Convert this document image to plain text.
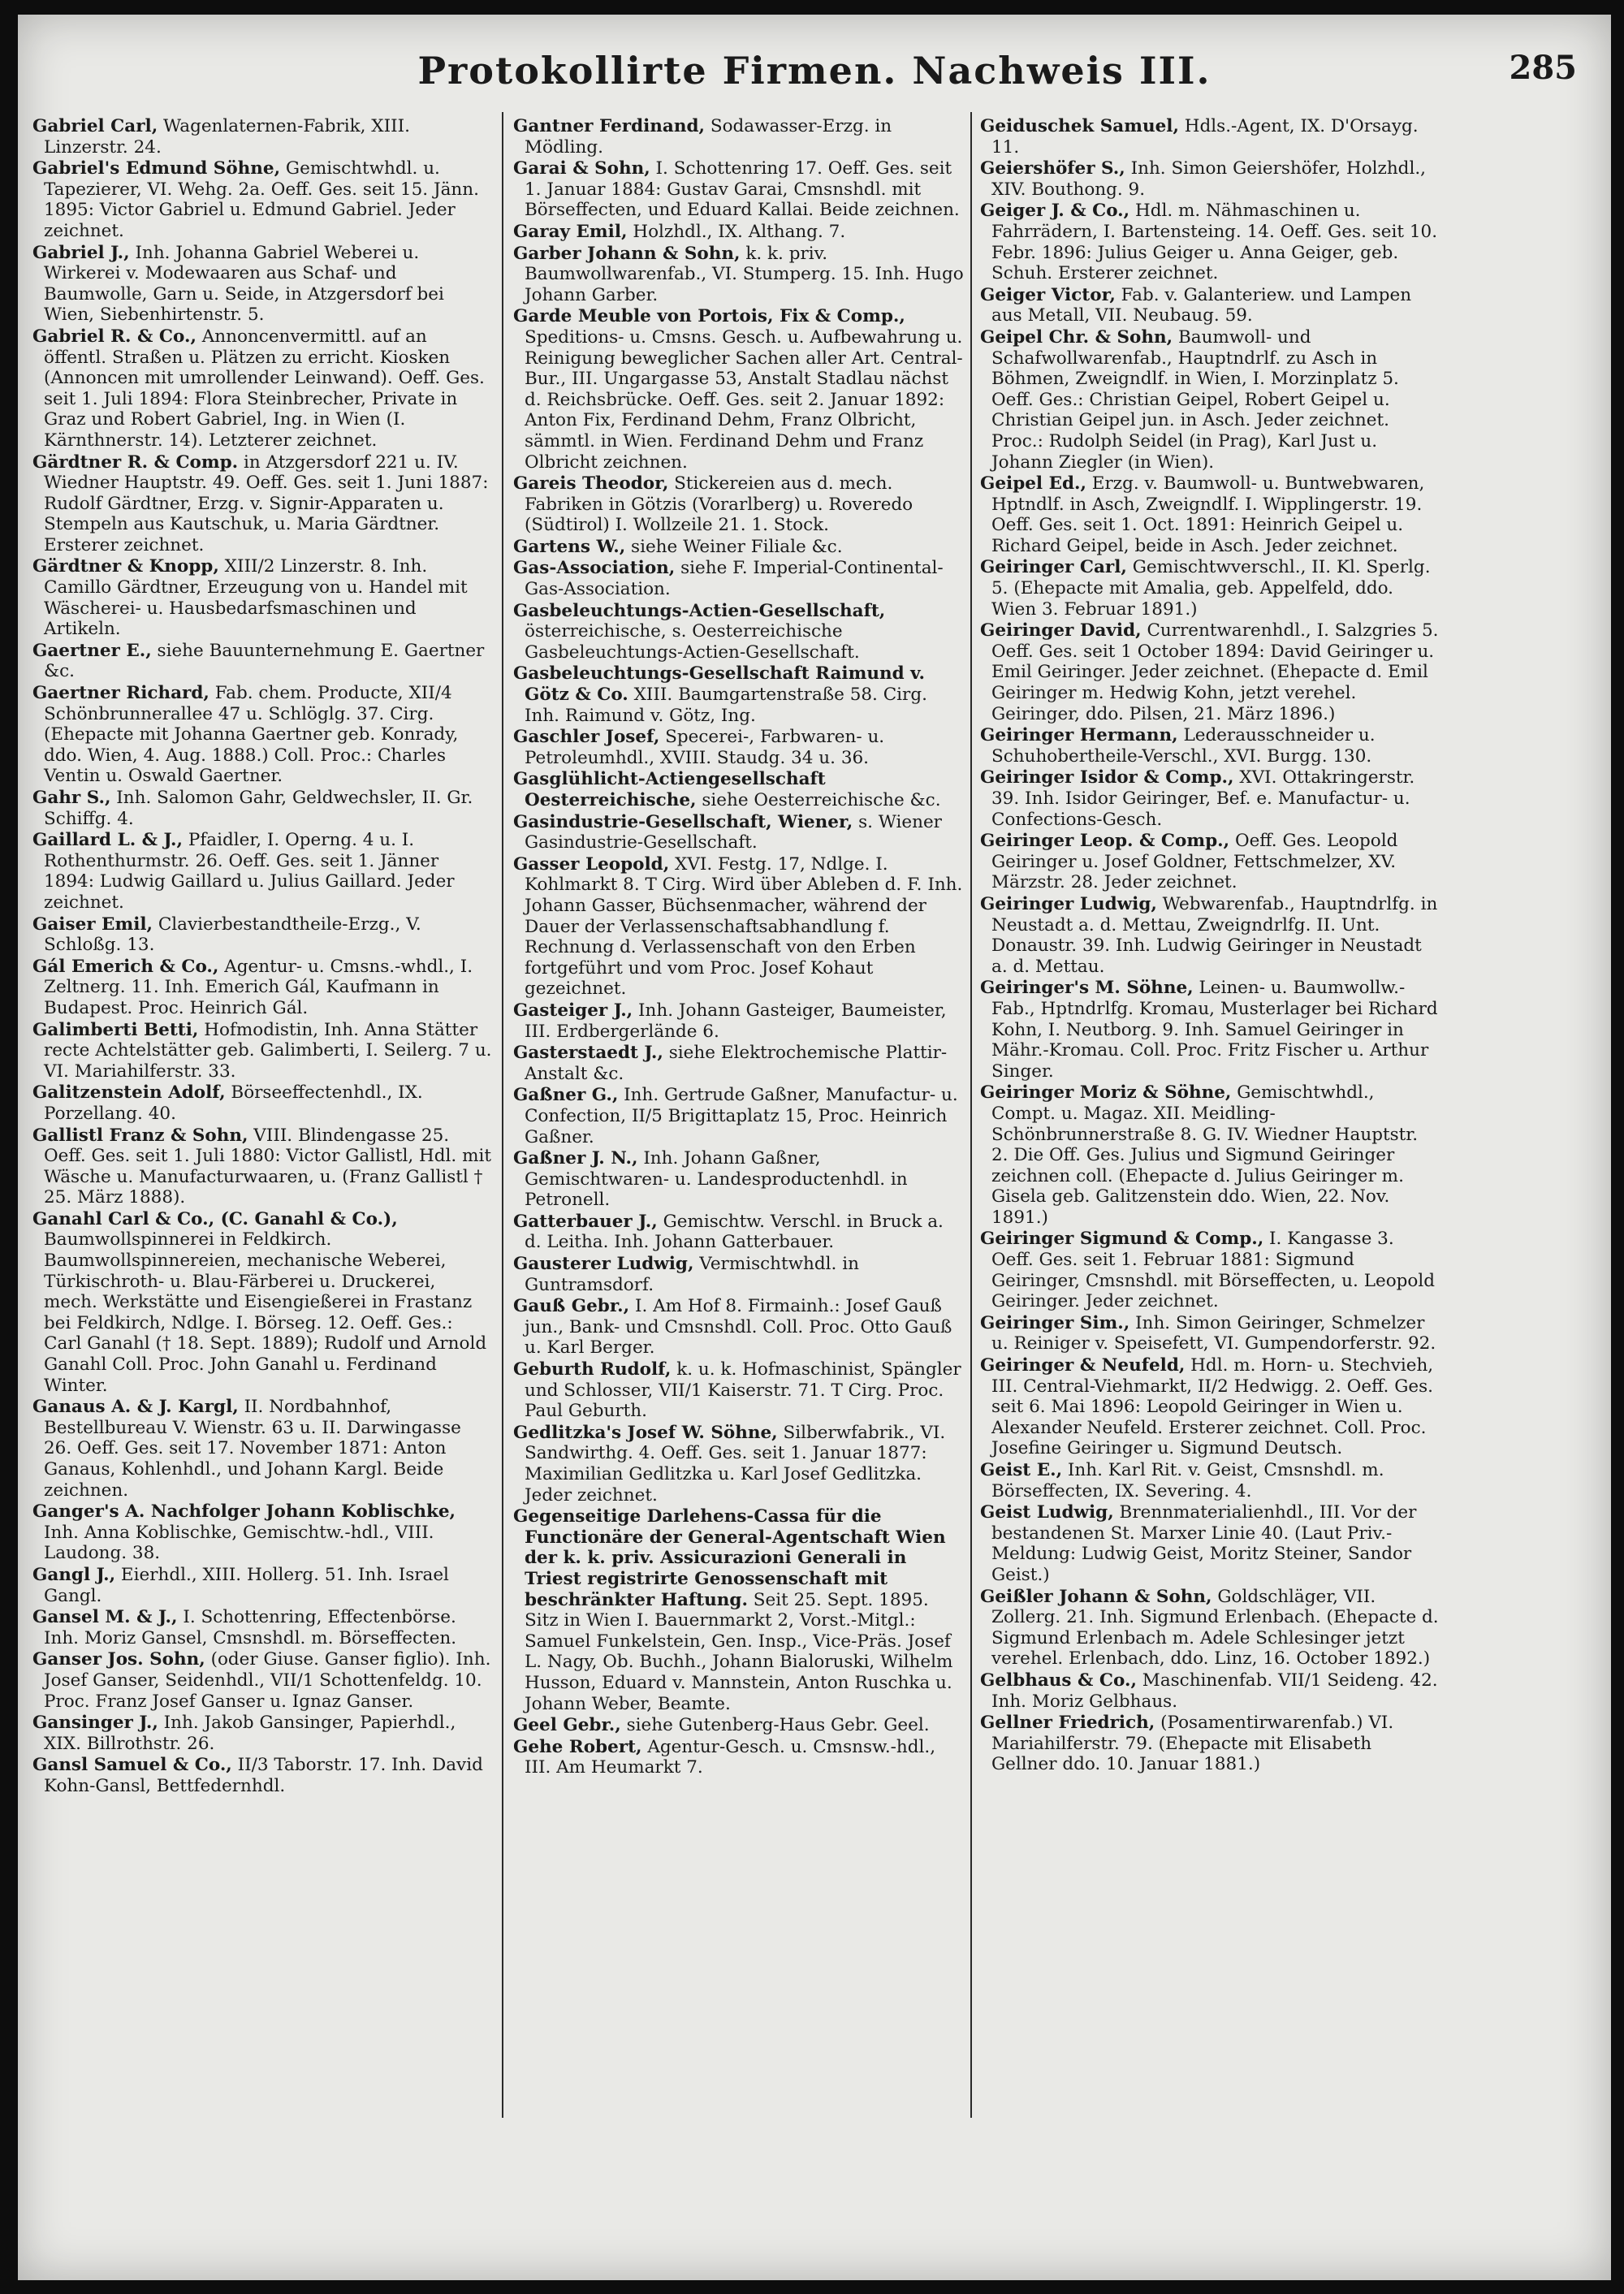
Protokollirte Firmen. Nachweis III.	285

Gabriel Carl, Wagenlaternen-Fabrik, XIII. Linzerstr. 24.

Gabriel's Edmund Söhne, Gemischtwhdl. u. Tapezierer, VI. Wehg. 2a. Oeff. Ges. seit 15. Jänn. 1895: Victor Gabriel u. Edmund Gabriel. Jeder zeichnet.

Gabriel J., Inh. Johanna Gabriel Weberei u. Wirkerei v. Modewaaren aus Schaf- und Baumwolle, Garn u. Seide, in Atzgersdorf bei Wien, Siebenhirtenstr. 5.

Gabriel R. & Co., Annoncenvermittl. auf an öffentl. Straßen u. Plätzen zu erricht. Kiosken (Annoncen mit umrollender Leinwand). Oeff. Ges. seit 1. Juli 1894: Flora Steinbrecher, Private in Graz und Robert Gabriel, Ing. in Wien (I. Kärnthnerstr. 14). Letzterer zeichnet.

Gärdtner R. & Comp. in Atzgersdorf 221 u. IV. Wiedner Hauptstr. 49. Oeff. Ges. seit 1. Juni 1887: Rudolf Gärdtner, Erzg. v. Signir-Apparaten u. Stempeln aus Kautschuk, u. Maria Gärdtner. Ersterer zeichnet.

Gärdtner & Knopp, XIII/2 Linzerstr. 8. Inh. Camillo Gärdtner, Erzeugung von u. Handel mit Wäscherei- u. Hausbedarfsmaschinen und Artikeln.

Gaertner E., siehe Bauunternehmung E. Gaertner &c.

Gaertner Richard, Fab. chem. Producte, XII/4 Schönbrunnerallee 47 u. Schlöglg. 37. Cirg. (Ehepacte mit Johanna Gaertner geb. Konrady, ddo. Wien, 4. Aug. 1888.) Coll. Proc.: Charles Ventin u. Oswald Gaertner.

Gahr S., Inh. Salomon Gahr, Geldwechsler, II. Gr. Schiffg. 4.

Gaillard L. & J., Pfaidler, I. Operng. 4 u. I. Rothenthurmstr. 26. Oeff. Ges. seit 1. Jänner 1894: Ludwig Gaillard u. Julius Gaillard. Jeder zeichnet.

Gaiser Emil, Clavierbestandtheile-Erzg., V. Schloßg. 13.

Gál Emerich & Co., Agentur- u. Cmsns.-whdl., I. Zeltnerg. 11. Inh. Emerich Gál, Kaufmann in Budapest. Proc. Heinrich Gál.

Galimberti Betti, Hofmodistin, Inh. Anna Stätter recte Achtelstätter geb. Galimberti, I. Seilerg. 7 u. VI. Mariahilferstr. 33.

Galitzenstein Adolf, Börseeffectenhdl., IX. Porzellang. 40.

Gallistl Franz & Sohn, VIII. Blindengasse 25. Oeff. Ges. seit 1. Juli 1880: Victor Gallistl, Hdl. mit Wäsche u. Manufacturwaaren, u. (Franz Gallistl † 25. März 1888).

Ganahl Carl & Co., (C. Ganahl & Co.), Baumwollspinnerei in Feldkirch. Baumwollspinnereien, mechanische Weberei, Türkischroth- u. Blau-Färberei u. Druckerei, mech. Werkstätte und Eisengießerei in Frastanz bei Feldkirch, Ndlge. I. Börseg. 12. Oeff. Ges.: Carl Ganahl († 18. Sept. 1889); Rudolf und Arnold Ganahl Coll. Proc. John Ganahl u. Ferdinand Winter.

Ganaus A. & J. Kargl, II. Nordbahnhof, Bestellbureau V. Wienstr. 63 u. II. Darwingasse 26. Oeff. Ges. seit 17. November 1871: Anton Ganaus, Kohlenhdl., und Johann Kargl. Beide zeichnen.

Ganger's A. Nachfolger Johann Koblischke, Inh. Anna Koblischke, Gemischtw.-hdl., VIII. Laudong. 38.

Gangl J., Eierhdl., XIII. Hollerg. 51. Inh. Israel Gangl.

Gansel M. & J., I. Schottenring, Effectenbörse. Inh. Moriz Gansel, Cmsnshdl. m. Börseffecten.

Ganser Jos. Sohn, (oder Giuse. Ganser figlio). Inh. Josef Ganser, Seidenhdl., VII/1 Schottenfeldg. 10. Proc. Franz Josef Ganser u. Ignaz Ganser.

Gansinger J., Inh. Jakob Gansinger, Papierhdl., XIX. Billrothstr. 26.

Gansl Samuel & Co., II/3 Taborstr. 17. Inh. David Kohn-Gansl, Bettfedernhdl.

Gantner Ferdinand, Sodawasser-Erzg. in Mödling.

Garai & Sohn, I. Schottenring 17. Oeff. Ges. seit 1. Januar 1884: Gustav Garai, Cmsnshdl. mit Börseffecten, und Eduard Kallai. Beide zeichnen.

Garay Emil, Holzhdl., IX. Althang. 7.

Garber Johann & Sohn, k. k. priv. Baumwollwarenfab., VI. Stumperg. 15. Inh. Hugo Johann Garber.

Garde Meuble von Portois, Fix & Comp., Speditions- u. Cmsns. Gesch. u. Aufbewahrung u. Reinigung beweglicher Sachen aller Art. Central-Bur., III. Ungargasse 53, Anstalt Stadlau nächst d. Reichsbrücke. Oeff. Ges. seit 2. Januar 1892: Anton Fix, Ferdinand Dehm, Franz Olbricht, sämmtl. in Wien. Ferdinand Dehm und Franz Olbricht zeichnen.

Gareis Theodor, Stickereien aus d. mech. Fabriken in Götzis (Vorarlberg) u. Roveredo (Südtirol) I. Wollzeile 21. 1. Stock.

Gartens W., siehe Weiner Filiale &c.

Gas-Association, siehe F. Imperial-Continental-Gas-Association.

Gasbeleuchtungs-Actien-Gesellschaft, österreichische, s. Oesterreichische Gasbeleuchtungs-Actien-Gesellschaft.

Gasbeleuchtungs-Gesellschaft Raimund v. Götz & Co. XIII. Baumgartenstraße 58. Cirg. Inh. Raimund v. Götz, Ing.

Gaschler Josef, Specerei-, Farbwaren- u. Petroleumhdl., XVIII. Staudg. 34 u. 36.

Gasglühlicht-Actiengesellschaft Oesterreichische, siehe Oesterreichische &c.

Gasindustrie-Gesellschaft, Wiener, s. Wiener Gasindustrie-Gesellschaft.

Gasser Leopold, XVI. Festg. 17, Ndlge. I. Kohlmarkt 8. T Cirg. Wird über Ableben d. F. Inh. Johann Gasser, Büchsenmacher, während der Dauer der Verlassenschaftsabhandlung f. Rechnung d. Verlassenschaft von den Erben fortgeführt und vom Proc. Josef Kohaut gezeichnet.

Gasteiger J., Inh. Johann Gasteiger, Baumeister, III. Erdbergerlände 6.

Gasterstaedt J., siehe Elektrochemische Plattir-Anstalt &c.

Gaßner G., Inh. Gertrude Gaßner, Manufactur- u. Confection, II/5 Brigittaplatz 15, Proc. Heinrich Gaßner.

Gaßner J. N., Inh. Johann Gaßner, Gemischtwaren- u. Landesproductenhdl. in Petronell.

Gatterbauer J., Gemischtw. Verschl. in Bruck a. d. Leitha. Inh. Johann Gatterbauer.

Gausterer Ludwig, Vermischtwhdl. in Guntramsdorf.

Gauß Gebr., I. Am Hof 8. Firmainh.: Josef Gauß jun., Bank- und Cmsnshdl. Coll. Proc. Otto Gauß u. Karl Berger.

Geburth Rudolf, k. u. k. Hofmaschinist, Spängler und Schlosser, VII/1 Kaiserstr. 71. T Cirg. Proc. Paul Geburth.

Gedlitzka's Josef W. Söhne, Silberwfabrik., VI. Sandwirthg. 4. Oeff. Ges. seit 1. Januar 1877: Maximilian Gedlitzka u. Karl Josef Gedlitzka. Jeder zeichnet.

Gegenseitige Darlehens-Cassa für die Functionäre der General-Agentschaft Wien der k. k. priv. Assicurazioni Generali in Triest registrirte Genossenschaft mit beschränkter Haftung. Seit 25. Sept. 1895. Sitz in Wien I. Bauernmarkt 2, Vorst.-Mitgl.: Samuel Funkelstein, Gen. Insp., Vice-Präs. Josef L. Nagy, Ob. Buchh., Johann Bialoruski, Wilhelm Husson, Eduard v. Mannstein, Anton Ruschka u. Johann Weber, Beamte.

Geel Gebr., siehe Gutenberg-Haus Gebr. Geel.

Gehe Robert, Agentur-Gesch. u. Cmsnsw.-hdl., III. Am Heumarkt 7.

Geiduschek Samuel, Hdls.-Agent, IX. D'Orsayg. 11.

Geiershöfer S., Inh. Simon Geiershöfer, Holzhdl., XIV. Bouthong. 9.

Geiger J. & Co., Hdl. m. Nähmaschinen u. Fahrrädern, I. Bartensteing. 14. Oeff. Ges. seit 10. Febr. 1896: Julius Geiger u. Anna Geiger, geb. Schuh. Ersterer zeichnet.

Geiger Victor, Fab. v. Galanteriew. und Lampen aus Metall, VII. Neubaug. 59.

Geipel Chr. & Sohn, Baumwoll- und Schafwollwarenfab., Hauptndrlf. zu Asch in Böhmen, Zweigndlf. in Wien, I. Morzinplatz 5. Oeff. Ges.: Christian Geipel, Robert Geipel u. Christian Geipel jun. in Asch. Jeder zeichnet. Proc.: Rudolph Seidel (in Prag), Karl Just u. Johann Ziegler (in Wien).

Geipel Ed., Erzg. v. Baumwoll- u. Buntwebwaren, Hptndlf. in Asch, Zweigndlf. I. Wipplingerstr. 19. Oeff. Ges. seit 1. Oct. 1891: Heinrich Geipel u. Richard Geipel, beide in Asch. Jeder zeichnet.

Geiringer Carl, Gemischtwverschl., II. Kl. Sperlg. 5. (Ehepacte mit Amalia, geb. Appelfeld, ddo. Wien 3. Februar 1891.)

Geiringer David, Currentwarenhdl., I. Salzgries 5. Oeff. Ges. seit 1 October 1894: David Geiringer u. Emil Geiringer. Jeder zeichnet. (Ehepacte d. Emil Geiringer m. Hedwig Kohn, jetzt verehel. Geiringer, ddo. Pilsen, 21. März 1896.)

Geiringer Hermann, Lederausschneider u. Schuhobertheile-Verschl., XVI. Burgg. 130.

Geiringer Isidor & Comp., XVI. Ottakringerstr. 39. Inh. Isidor Geiringer, Bef. e. Manufactur- u. Confections-Gesch.

Geiringer Leop. & Comp., Oeff. Ges. Leopold Geiringer u. Josef Goldner, Fettschmelzer, XV. Märzstr. 28. Jeder zeichnet.

Geiringer Ludwig, Webwarenfab., Hauptndrlfg. in Neustadt a. d. Mettau, Zweigndrlfg. II. Unt. Donaustr. 39. Inh. Ludwig Geiringer in Neustadt a. d. Mettau.

Geiringer's M. Söhne, Leinen- u. Baumwollw.-Fab., Hptndrlfg. Kromau, Musterlager bei Richard Kohn, I. Neutborg. 9. Inh. Samuel Geiringer in Mähr.-Kromau. Coll. Proc. Fritz Fischer u. Arthur Singer.

Geiringer Moriz & Söhne, Gemischtwhdl., Compt. u. Magaz. XII. Meidling-Schönbrunnerstraße 8. G. IV. Wiedner Hauptstr. 2. Die Off. Ges. Julius und Sigmund Geiringer zeichnen coll. (Ehepacte d. Julius Geiringer m. Gisela geb. Galitzenstein ddo. Wien, 22. Nov. 1891.)

Geiringer Sigmund & Comp., I. Kangasse 3. Oeff. Ges. seit 1. Februar 1881: Sigmund Geiringer, Cmsnshdl. mit Börseffecten, u. Leopold Geiringer. Jeder zeichnet.

Geiringer Sim., Inh. Simon Geiringer, Schmelzer u. Reiniger v. Speisefett, VI. Gumpendorferstr. 92.

Geiringer & Neufeld, Hdl. m. Horn- u. Stechvieh, III. Central-Viehmarkt, II/2 Hedwigg. 2. Oeff. Ges. seit 6. Mai 1896: Leopold Geiringer in Wien u. Alexander Neufeld. Ersterer zeichnet. Coll. Proc. Josefine Geiringer u. Sigmund Deutsch.

Geist E., Inh. Karl Rit. v. Geist, Cmsnshdl. m. Börseffecten, IX. Severing. 4.

Geist Ludwig, Brennmaterialienhdl., III. Vor der bestandenen St. Marxer Linie 40. (Laut Priv.-Meldung: Ludwig Geist, Moritz Steiner, Sandor Geist.)

Geißler Johann & Sohn, Goldschläger, VII. Zollerg. 21. Inh. Sigmund Erlenbach. (Ehepacte d. Sigmund Erlenbach m. Adele Schlesinger jetzt verehel. Erlenbach, ddo. Linz, 16. October 1892.)

Gelbhaus & Co., Maschinenfab. VII/1 Seideng. 42. Inh. Moriz Gelbhaus.

Gellner Friedrich, (Posamentirwarenfab.) VI. Mariahilferstr. 79. (Ehepacte mit Elisabeth Gellner ddo. 10. Januar 1881.)
